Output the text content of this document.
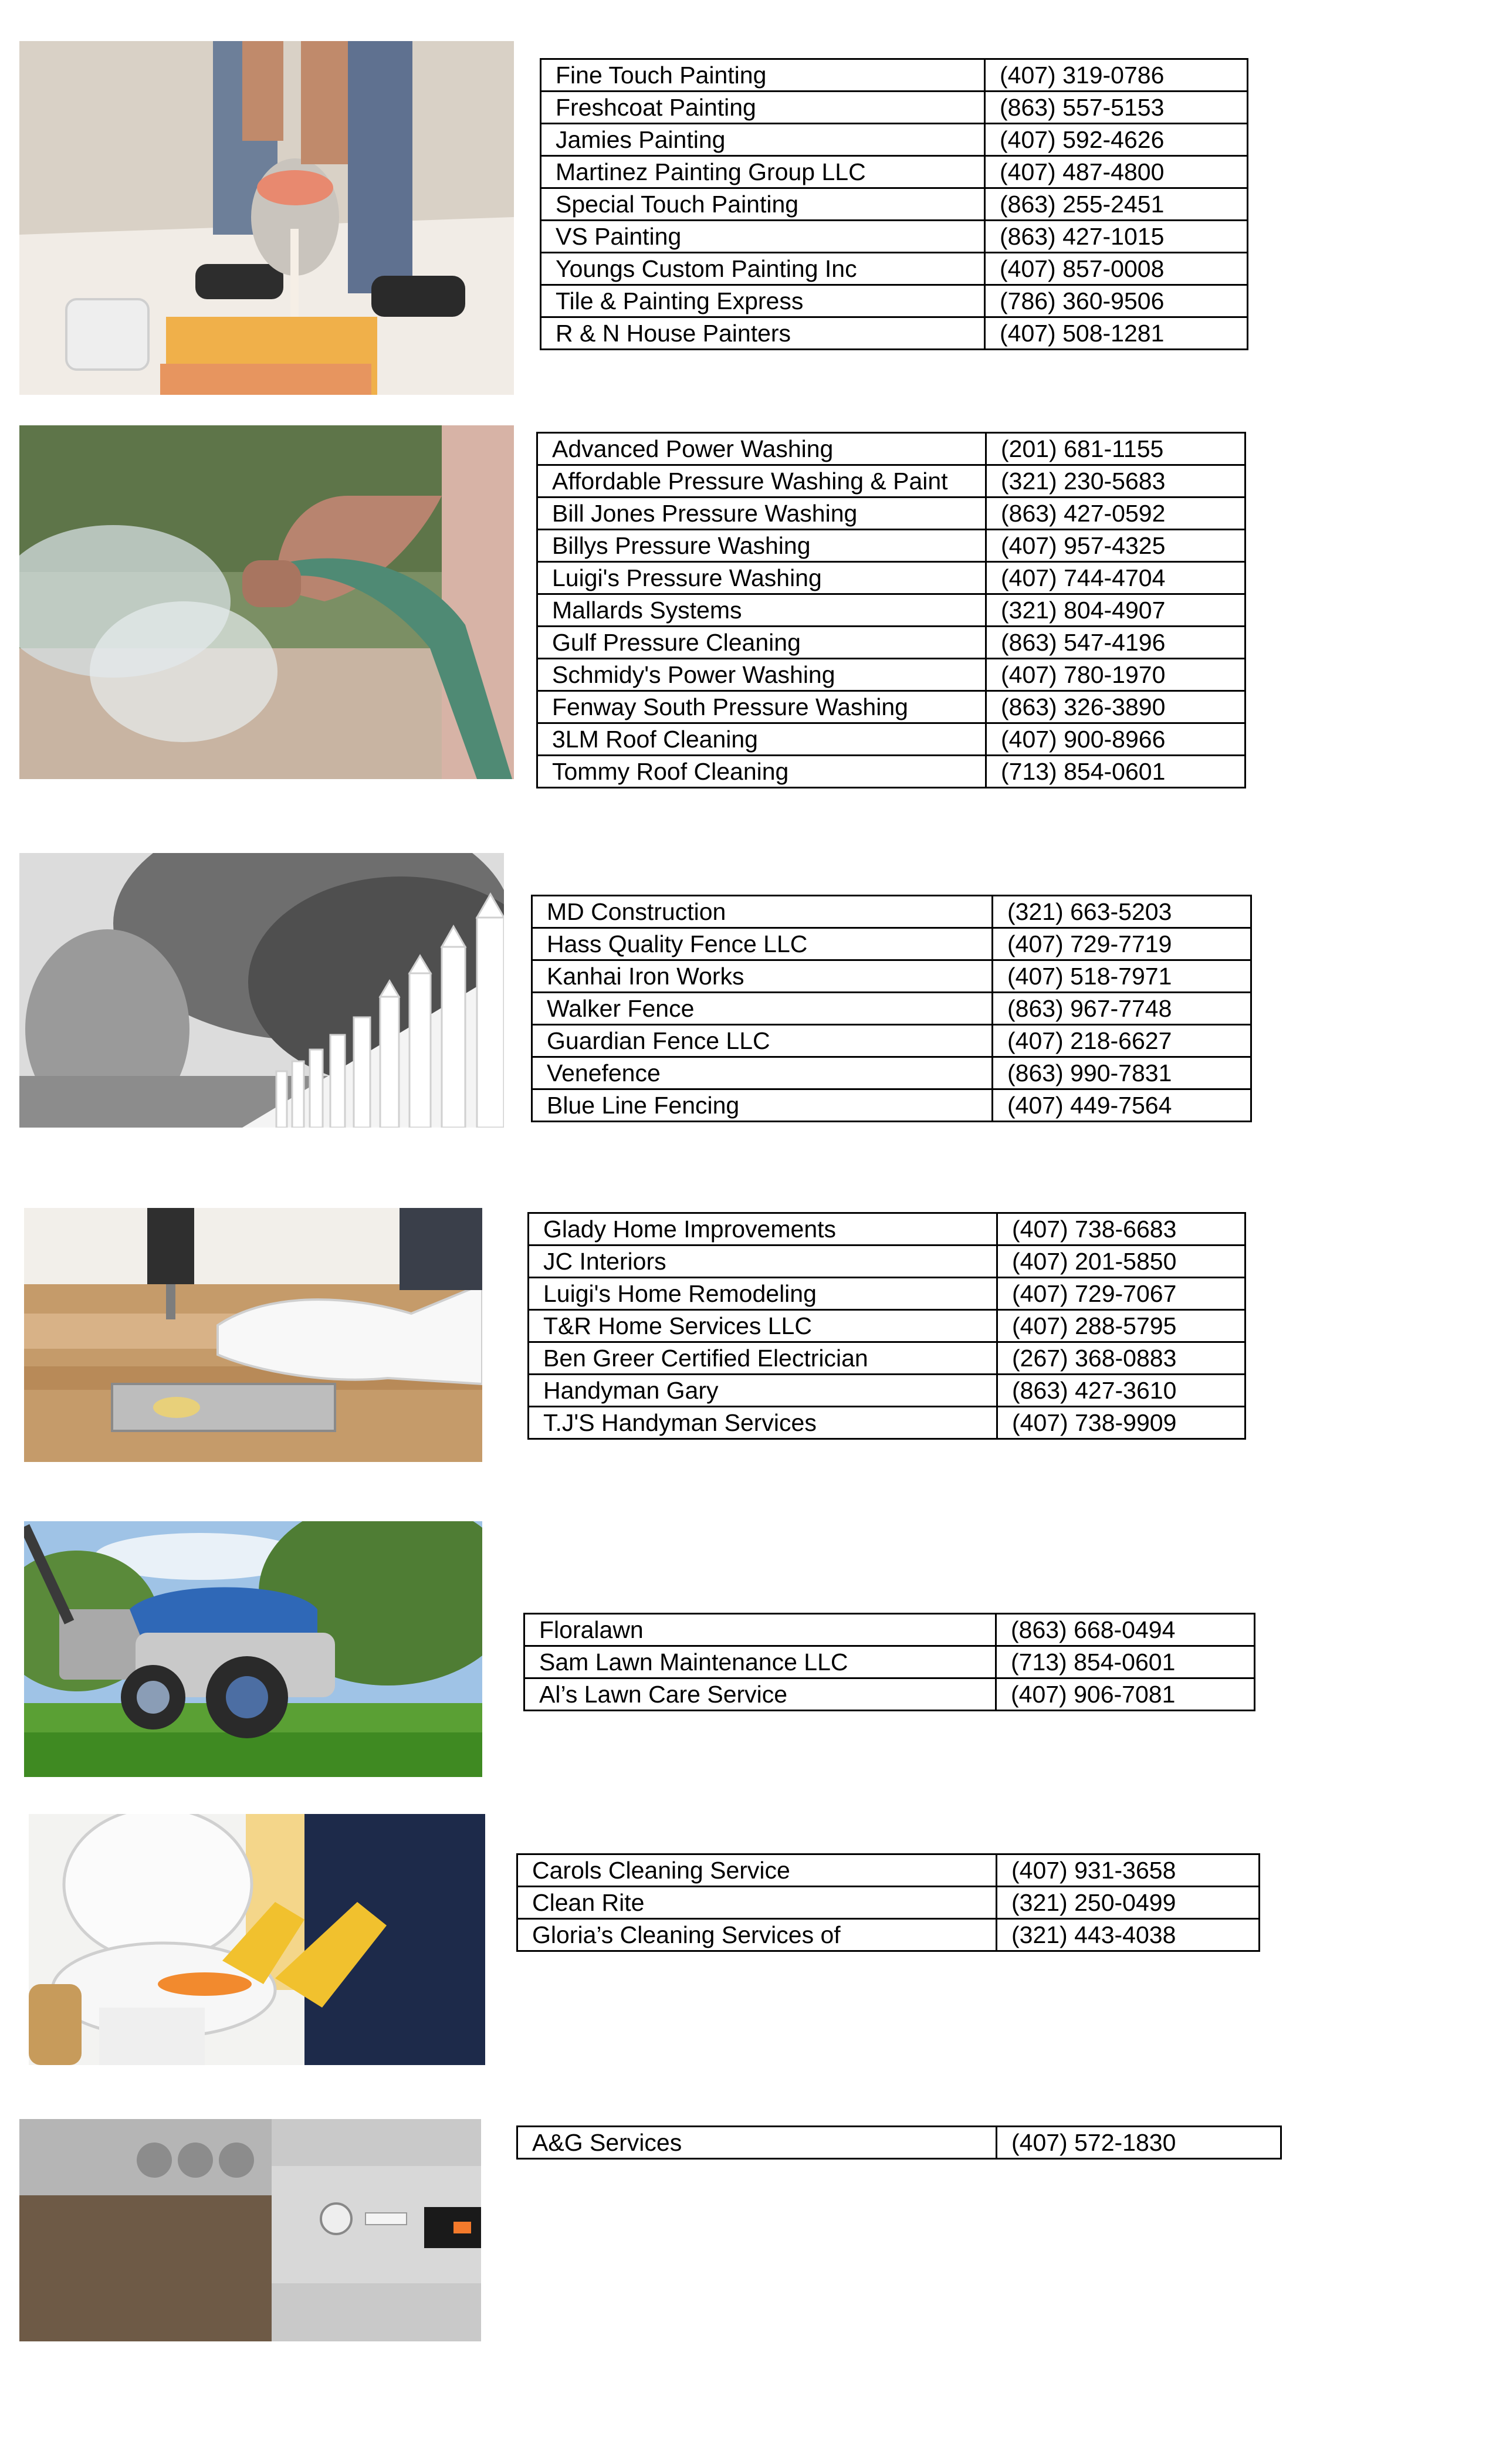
Fine Touch Painting	(407) 319-0786
Freshcoat Painting	(863) 557-5153
Jamies Painting	(407) 592-4626
Martinez Painting Group LLC	(407) 487-4800
Special Touch Painting	(863) 255-2451
VS Painting	(863) 427-1015
Youngs Custom Painting Inc	(407) 857-0008
Tile & Painting Express	(786) 360-9506
R & N House Painters	(407) 508-1281
Advanced Power Washing	(201) 681-1155
Affordable Pressure Washing & Paint	(321) 230-5683
Bill Jones Pressure Washing	(863) 427-0592
Billys Pressure Washing	(407) 957-4325
Luigi's Pressure Washing	(407) 744-4704
Mallards Systems	(321) 804-4907
Gulf Pressure Cleaning	(863) 547-4196
Schmidy's Power Washing	(407) 780-1970
Fenway South Pressure Washing	(863) 326-3890
3LM Roof Cleaning	(407) 900-8966
Tommy Roof Cleaning	(713) 854-0601
MD Construction	(321) 663-5203
Hass Quality Fence LLC	(407) 729-7719
Kanhai Iron Works	(407) 518-7971
Walker Fence	(863) 967-7748
Guardian Fence LLC	(407) 218-6627
Venefence	(863) 990-7831
Blue Line Fencing	(407) 449-7564
Glady Home Improvements	(407) 738-6683
JC Interiors	(407) 201-5850
Luigi's Home Remodeling	(407) 729-7067
T&R Home Services LLC	(407) 288-5795
Ben Greer Certified Electrician	(267) 368-0883
Handyman Gary	(863) 427-3610
T.J'S Handyman Services	(407) 738-9909
Floralawn	(863) 668-0494
Sam Lawn Maintenance LLC	(713) 854-0601
Al’s Lawn Care Service	(407) 906-7081
Carols Cleaning Service	(407) 931-3658
Clean Rite	(321) 250-0499
Gloria’s Cleaning Services of	(321) 443-4038
A&G Services	(407) 572-1830
